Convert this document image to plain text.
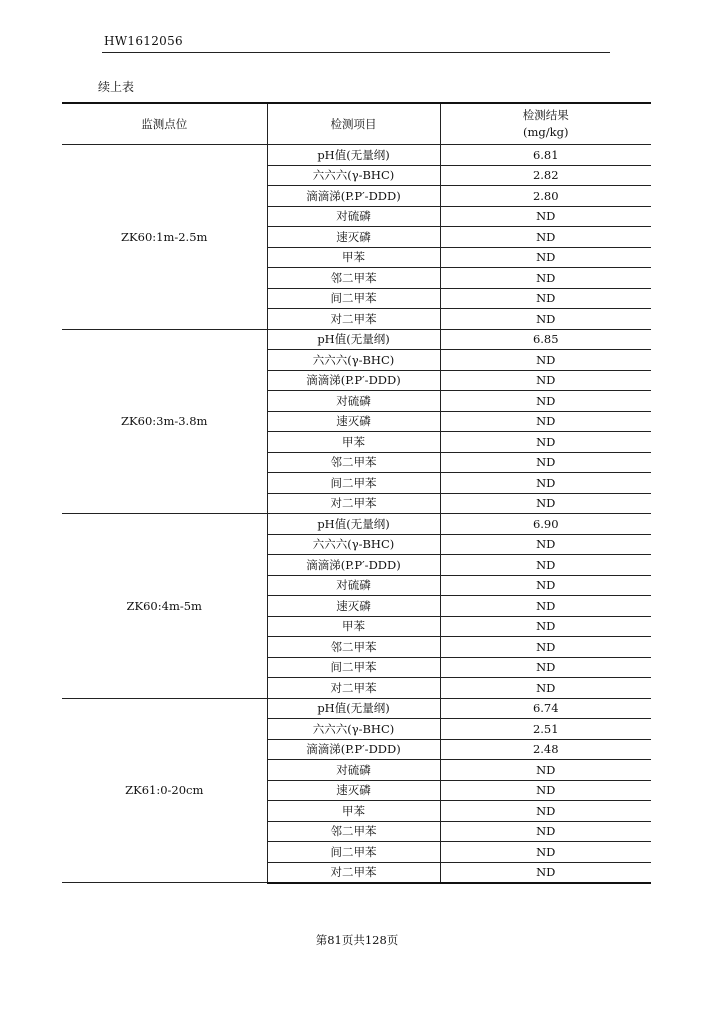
HW1612056
续上表
监测点位	检测项目	检测结果
(mg/kg)

ZK60:1m-2.5m	pH值(无量纲)	6.81
	六六六(γ-BHC)	2.82
	滴滴涕(P.P′-DDD)	2.80
	对硫磷	ND
	速灭磷	ND
	甲苯	ND
	邻二甲苯	ND
	间二甲苯	ND
	对二甲苯	ND
ZK60:3m-3.8m	pH值(无量纲)	6.85
	六六六(γ-BHC)	ND
	滴滴涕(P.P′-DDD)	ND
	对硫磷	ND
	速灭磷	ND
	甲苯	ND
	邻二甲苯	ND
	间二甲苯	ND
	对二甲苯	ND
ZK60:4m-5m	pH值(无量纲)	6.90
	六六六(γ-BHC)	ND
	滴滴涕(P.P′-DDD)	ND
	对硫磷	ND
	速灭磷	ND
	甲苯	ND
	邻二甲苯	ND
	间二甲苯	ND
	对二甲苯	ND
ZK61:0-20cm	pH值(无量纲)	6.74
	六六六(γ-BHC)	2.51
	滴滴涕(P.P′-DDD)	2.48
	对硫磷	ND
	速灭磷	ND
	甲苯	ND
	邻二甲苯	ND
	间二甲苯	ND
	对二甲苯	ND
第81页共128页
